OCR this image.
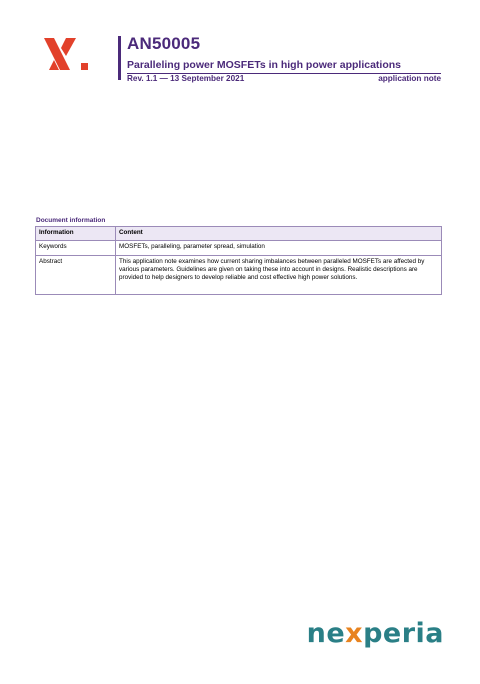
AN50005
Paralleling power MOSFETs in high power applications
Rev. 1.1 — 13 September 2021	application note
Document information
Information	Content
Keywords	MOSFETs, paralleling, parameter spread, simulation
Abstract	This application note examines how current sharing imbalances between paralleled MOSFETs are affected by various parameters. Guidelines are given on taking these into account in designs. Realistic descriptions are provided to help designers to develop reliable and cost effective high power solutions.
nexperia
